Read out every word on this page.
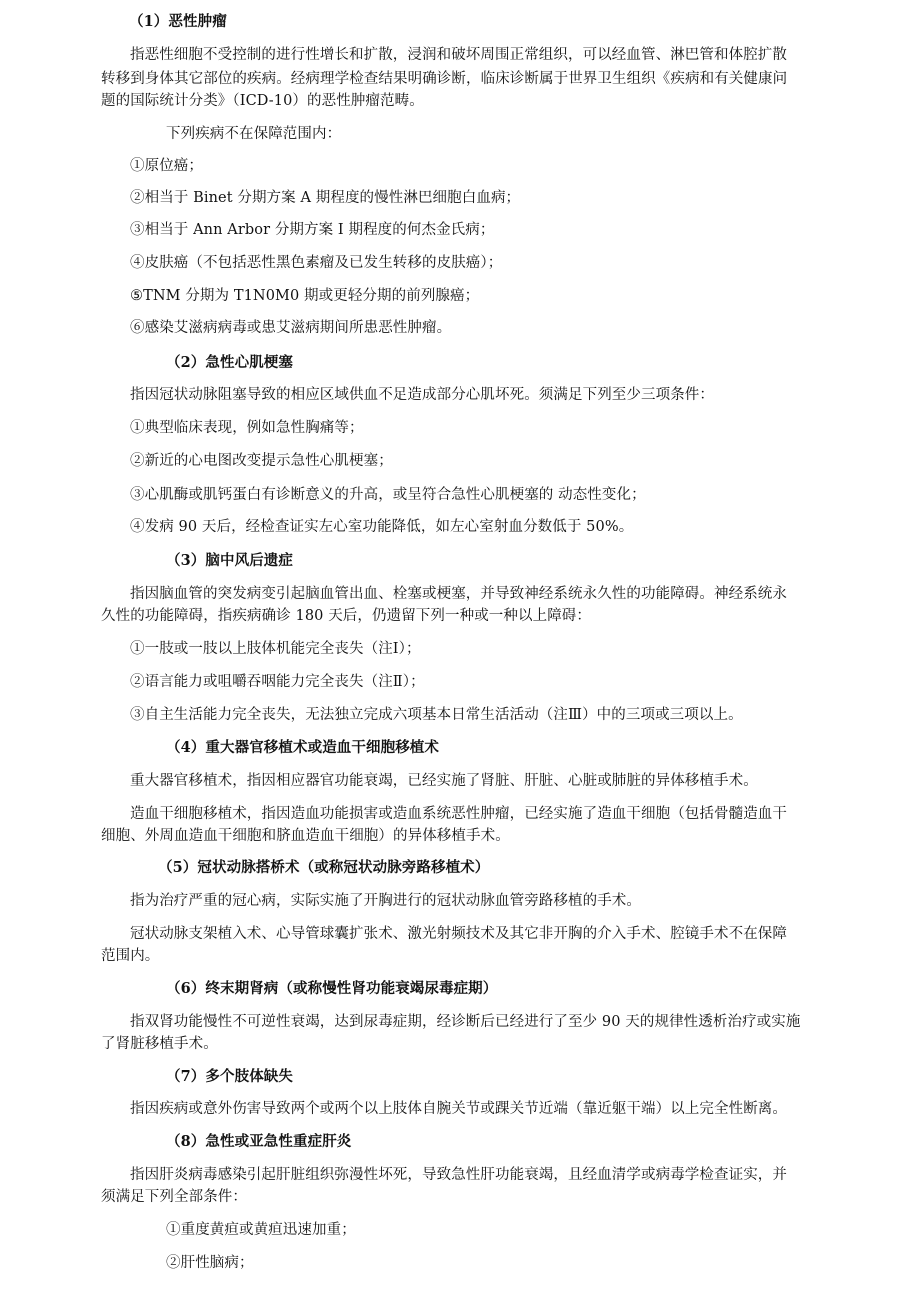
（1）恶性肿瘤
指恶性细胞不受控制的进行性增长和扩散，浸润和破坏周围正常组织，可以经血管、淋巴管和体腔扩散
转移到身体其它部位的疾病。经病理学检查结果明确诊断，临床诊断属于世界卫生组织《疾病和有关健康问
题的国际统计分类》（ICD-10）的恶性肿瘤范畴。
下列疾病不在保障范围内：
①原位癌；
②相当于 Binet 分期方案 A 期程度的慢性淋巴细胞白血病；
③相当于 Ann Arbor 分期方案 I 期程度的何杰金氏病；
④皮肤癌（不包括恶性黑色素瘤及已发生转移的皮肤癌）；
⑤TNM 分期为 T1N0M0 期或更轻分期的前列腺癌；
⑥感染艾滋病病毒或患艾滋病期间所患恶性肿瘤。
（2）急性心肌梗塞
指因冠状动脉阻塞导致的相应区域供血不足造成部分心肌坏死。须满足下列至少三项条件：
①典型临床表现，例如急性胸痛等；
②新近的心电图改变提示急性心肌梗塞；
③心肌酶或肌钙蛋白有诊断意义的升高，或呈符合急性心肌梗塞的 动态性变化；
④发病 90 天后，经检查证实左心室功能降低，如左心室射血分数低于 50%。
（3）脑中风后遗症
指因脑血管的突发病变引起脑血管出血、栓塞或梗塞，并导致神经系统永久性的功能障碍。神经系统永
久性的功能障碍，指疾病确诊 180 天后，仍遗留下列一种或一种以上障碍：
①一肢或一肢以上肢体机能完全丧失（注Ⅰ）；
②语言能力或咀嚼吞咽能力完全丧失（注Ⅱ）；
③自主生活能力完全丧失，无法独立完成六项基本日常生活活动（注Ⅲ）中的三项或三项以上。
（4）重大器官移植术或造血干细胞移植术
重大器官移植术，指因相应器官功能衰竭，已经实施了肾脏、肝脏、心脏或肺脏的异体移植手术。
造血干细胞移植术，指因造血功能损害或造血系统恶性肿瘤，已经实施了造血干细胞（包括骨髓造血干
细胞、外周血造血干细胞和脐血造血干细胞）的异体移植手术。
（5）冠状动脉搭桥术（或称冠状动脉旁路移植术）
指为治疗严重的冠心病，实际实施了开胸进行的冠状动脉血管旁路移植的手术。
冠状动脉支架植入术、心导管球囊扩张术、激光射频技术及其它非开胸的介入手术、腔镜手术不在保障
范围内。
（6）终末期肾病（或称慢性肾功能衰竭尿毒症期）
指双肾功能慢性不可逆性衰竭，达到尿毒症期，经诊断后已经进行了至少 90 天的规律性透析治疗或实施
了肾脏移植手术。
（7）多个肢体缺失
指因疾病或意外伤害导致两个或两个以上肢体自腕关节或踝关节近端（靠近躯干端）以上完全性断离。
（8）急性或亚急性重症肝炎
指因肝炎病毒感染引起肝脏组织弥漫性坏死，导致急性肝功能衰竭，且经血清学或病毒学检查证实，并
须满足下列全部条件：
①重度黄疸或黄疸迅速加重；
②肝性脑病；
